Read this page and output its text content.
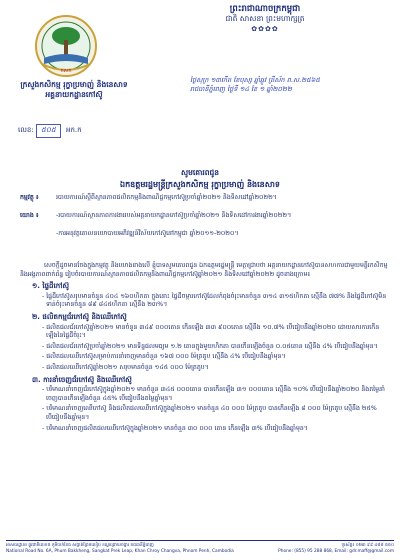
ព្រះរាជាណាចក្រកម្ពុជា
ជាតិ សាសនា ព្រះមហាក្សត្រ
✿✿✿✿
កសក
ក្រសួងកសិកម្ម រុក្ខាប្រមាញ់ និងនេសាទ
អគ្គនាយកដ្ឋានកៅស៊ូ
ថ្ងៃសុក្រ ១៣កើត ខែបុស្ស ឆ្នាំឆ្លូវ ត្រីស័ក ព.ស.២៥៦៥
រាជធានីភ្នំពេញ ថ្ងៃទី ១៤ ខែ ១ ឆ្នាំ២០២២
លេខ: ៥០៥ អក.ក
សូមគោរពជូន
ឯកឧត្តមរដ្ឋមន្ត្រីក្រសួងកសិកម្ម រុក្ខាប្រមាញ់ និងនេសាទ
កម្មវត្ថុ ៖	របាយការណ៍ស្ដីពីស្ថានភាពផលិតកម្មនិងពាណិជ្ជកម្មកៅស៊ូប្រចាំឆ្នាំ២០២១ និងទិសដៅឆ្នាំ២០២២។
យោង ៖	-របាយការណ៍ស្ថានភាពការងាររបស់អគ្គនាយកដ្ឋានកៅស៊ូប្រចាំឆ្នាំ២០២១ និងទិសដៅការងារឆ្នាំ២០២២។
-ការអនុវត្តគោលនយោបាយអភិវឌ្ឍន៍វិស័យកៅស៊ូនៅកម្ពុជា ឆ្នាំ២០១១-២០២០។

សេចក្ដីដូចមានចែងក្នុងកម្មវត្ថុ និងយោងខាងលើ ខ្ញុំបាទសូមគោរពជូន ឯកឧត្តមរដ្ឋមន្ត្រី មេត្តាជ្រាបថា អគ្គនាយកដ្ឋានកៅស៊ូបានសហការជាមួយមន្ទីរកសិកម្ម និងអង្គភាពពាក់ព័ន្ធ រៀបចំរបាយការណ៍ស្ថានភាពផលិតកម្មនិងពាណិជ្ជកម្មកៅស៊ូឆ្នាំ២០២១ និងទិសដៅឆ្នាំ២០២២ ដូចខាងក្រោម៖

១. ផ្ទៃដីកៅស៊ូ

- ផ្ទៃដីកៅស៊ូសរុបមានចំនួន ៤០៤ ១៦០ហិកតា ក្នុងនោះ ផ្ទៃដីចម្ការកៅស៊ូដែលកំពុងចំរុះមានចំនួន ៣១៤ ៣១៥ហិកតា ស្មើនឹង ៧៧% និងផ្ទៃដីកៅស៊ូមិនទាន់ចំរុះមានចំនួន ៨៩ ៨៤៥ហិកតា ស្មើនឹង ២៣%។

២. ផលិតកម្មជ័រកៅស៊ូ និងឈើកៅស៊ូ

- ផលិតផលជ័រកៅស៊ូឆ្នាំ២០២១ មានចំនួន ៣៤៩ ០០០តោន កើនឡើង ៣៣ ៩០០តោន ស្មើនឹង ១០.៧% បើធៀបនឹងឆ្នាំ២០២០ ដោយសារការកើនឡើងនៃផ្ទៃដីចំរុះ។

- ផលិតផលជ័រកៅស៊ូប្រចាំឆ្នាំ២០២១ មានទិន្នផលមធ្យម ១.២ តោនក្នុងមួយហិកតា បានកើនឡើងចំនួន ០.០៥តោន ស្មើនឹង ៤% បើធៀបនឹងឆ្នាំមុន។

- ផលិតផលឈើកៅស៊ូសម្រាប់ការនាំចេញមានចំនួន ១៦៧ ០០០ ម៉ែត្រគូប ស្មើនឹង ៤% បើធៀបនឹងឆ្នាំមុន។

- ផលិតផលឈើកៅស៊ូឆ្នាំ២០២១ សរុបមានចំនួន ១៤៥ ០០០ ម៉ែត្រគូប។

៣. ការនាំចេញជ័រកៅស៊ូ និងឈើកៅស៊ូ

- បរិមាណនាំចេញជ័រកៅស៊ូក្នុងឆ្នាំ២០២១ មានចំនួន ៣៤៥ ០០០តោន បានកើនឡើង ៣១ ០០០តោន ស្មើនឹង ១០% បើធៀបនឹងឆ្នាំ២០២០ និងតម្លៃនាំចេញបានកើនឡើងចំនួន ៤៥% បើធៀបនឹងតម្លៃឆ្នាំមុន។

- បរិមាណនាំចេញឈើកៅស៊ូ និងផលិតផលឈើកៅស៊ូក្នុងឆ្នាំ២០២១ មានចំនួន ៤០ ០០០ ម៉ែត្រគូប បានកើនឡើង ៨ ០០០ ម៉ែត្រគូប ស្មើនឹង ២៥% បើធៀបនឹងឆ្នាំមុន។

- បរិមាណនាំចេញផលិតផលឈើកៅស៊ូក្នុងឆ្នាំ២០២១ មានចំនួន ៣០ ០០០ តោន កើនឡើង ៣% បើធៀបនឹងឆ្នាំមុន។

អាសយដ្ឋាន៖ ផ្លូវជាតិលេខ៥ ភូមិបាក់ខែង សង្កាត់ព្រែកលៀប ខណ្ឌជ្រោយចង្វារ រាជធានីភ្នំពេញ	ទូរស័ព្ទ៖ ០២៣ ៩៩ ៤៨៨ ៥៥០
National Road No. 6A, Phum Bakkheng, Sangkat Prek Leap, Khan Chroy Changva, Phnom Penh, Cambodia	Phone: (855) 95 288 868, Email: gdr.maff@gmail.com
